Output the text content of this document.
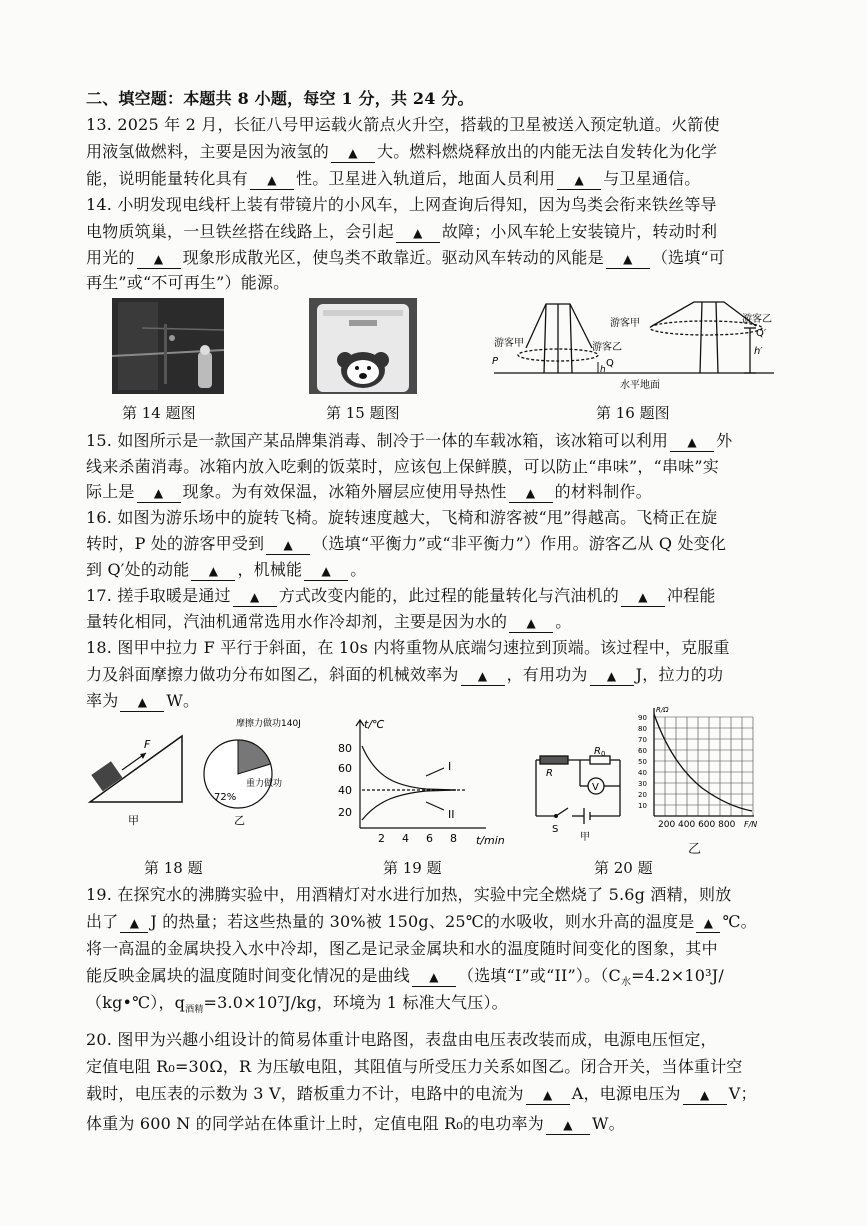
二、填空题：本题共 8 小题，每空 1 分，共 24 分。
13. 2025 年 2 月，长征八号甲运载火箭点火升空，搭载的卫星被送入预定轨道。火箭使
用液氢做燃料，主要是因为液氢的 ▲ 大。燃料燃烧释放出的内能无法自发转化为化学
能，说明能量转化具有 ▲ 性。卫星进入轨道后，地面人员利用 ▲ 与卫星通信。
14. 小明发现电线杆上装有带镜片的小风车，上网查询后得知，因为鸟类会衔来铁丝等导
电物质筑巢，一旦铁丝搭在线路上，会引起 ▲ 故障；小风车轮上安装镜片，转动时利
用光的 ▲ 现象形成散光区，使鸟类不敢靠近。驱动风车转动的风能是 ▲ （选填“可
再生”或“不可再生”）能源。
第 14 题图	第 15 题图
游客甲
P
游客乙
Q
h
游客甲	游客乙
Q′
h′
水平地面
第 16 题图
15. 如图所示是一款国产某品牌集消毒、制冷于一体的车载冰箱，该冰箱可以利用 ▲ 外
线来杀菌消毒。冰箱内放入吃剩的饭菜时，应该包上保鲜膜，可以防止“串味”，“串味”实
际上是 ▲ 现象。为有效保温，冰箱外層层应使用导热性 ▲ 的材料制作。
16. 如图为游乐场中的旋转飞椅。旋转速度越大，飞椅和游客被“甩”得越高。飞椅正在旋
转时，P 处的游客甲受到 ▲ （选填“平衡力”或“非平衡力”）作用。游客乙从 Q 处变化
到 Q′处的动能 ▲ ，机械能 ▲ 。
17. 搓手取暖是通过 ▲ 方式改变内能的，此过程的能量转化与汽油机的 ▲ 冲程能
量转化相同，汽油机通常选用水作冷却剂，主要是因为水的 ▲ 。
18. 图甲中拉力 F 平行于斜面，在 10s 内将重物从底端匀速拉到顶端。该过程中，克服重
力及斜面摩擦力做功分布如图乙，斜面的机械效率为 ▲ ，有用功为 ▲ J，拉力的功
率为 ▲ W。
F
甲
摩擦力做功140J
重力做功
72%
乙
第 18 题
t/℃
80
60
40
20
2 4 6 8 t/min
I
II
第 19 题
R
R 0
V
S
甲
R/Ω
90
80
70
60
50
40
30
20
10
200 400 600 800 F/N
乙
第 20 题
19. 在探究水的沸腾实验中，用酒精灯对水进行加热，实验中完全燃烧了 5.6g 酒精，则放
出了 ▲ J 的热量；若这些热量的 30%被 150g、25℃的水吸收，则水升高的温度是 ▲ ℃。
将一高温的金属块投入水中冷却，图乙是记录金属块和水的温度随时间变化的图象，其中
能反映金属块的温度随时间变化情况的是曲线 ▲ （选填“I”或“II”）。（$C_水=4.2\times 10^3J/$
（kg•℃），$q_{酒精}=3.0\times 10^7J/kg$，环境为 1 标准大气压）。
20. 图甲为兴趣小组设计的简易体重计电路图，表盘由电压表改装而成，电源电压恒定，
定值电阻 R₀=30Ω，R 为压敏电阻，其阻值与所受压力关系如图乙。闭合开关，当体重计空
载时，电压表的示数为 3 V，踏板重力不计，电路中的电流为 ▲ A，电源电压为 ▲ V；
体重为 600 N 的同学站在体重计上时，定值电阻 R₀的电功率为 ▲ W。
